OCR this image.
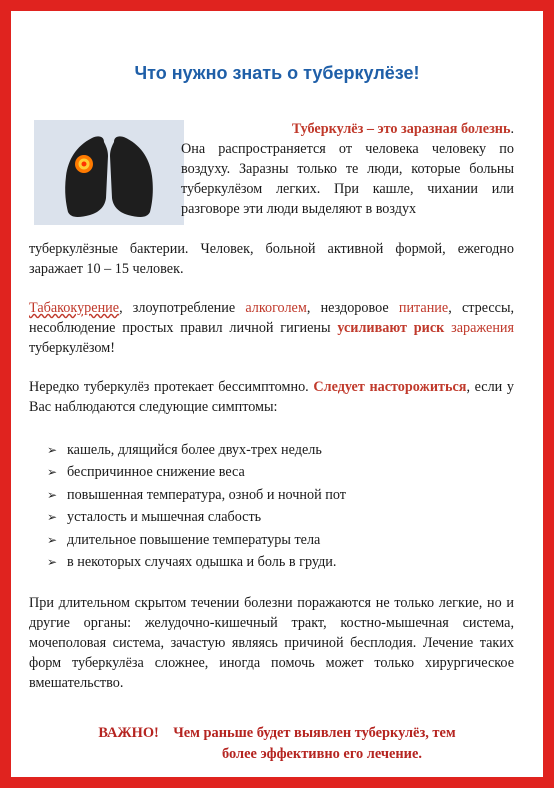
Что нужно знать о туберкулёзе!
Туберкулёз – это заразная болезнь.
Она распространяется от человека человеку по воздуху. Заразны только те люди, которые больны туберкулёзом легких. При кашле, чихании или разговоре эти люди выделяют в воздух
туберкулёзные бактерии. Человек, больной активной формой, ежегодно заражает 10 – 15 человек.
Табакокурение, злоупотребление алкоголем, нездоровое питание, стрессы, несоблюдение простых правил личной гигиены усиливают риск заражения туберкулёзом!
Нередко туберкулёз протекает бессимптомно. Следует насторожиться, если у Вас наблюдаются следующие симптомы:
➢ кашель, длящийся более двух-трех недель
➢ беспричинное снижение веса
➢ повышенная температура, озноб и ночной пот
➢ усталость и мышечная слабость
➢ длительное повышение температуры тела
➢ в некоторых случаях одышка и боль в груди.
При длительном скрытом течении болезни поражаются не только легкие, но и другие органы: желудочно-кишечный тракт, костно-мышечная система, мочеполовая система, зачастую являясь причиной бесплодия. Лечение таких форм туберкулёза сложнее, иногда помочь может только хирургическое вмешательство.
ВАЖНО! Чем раньше будет выявлен туберкулёз, тем
более эффективно его лечение.
